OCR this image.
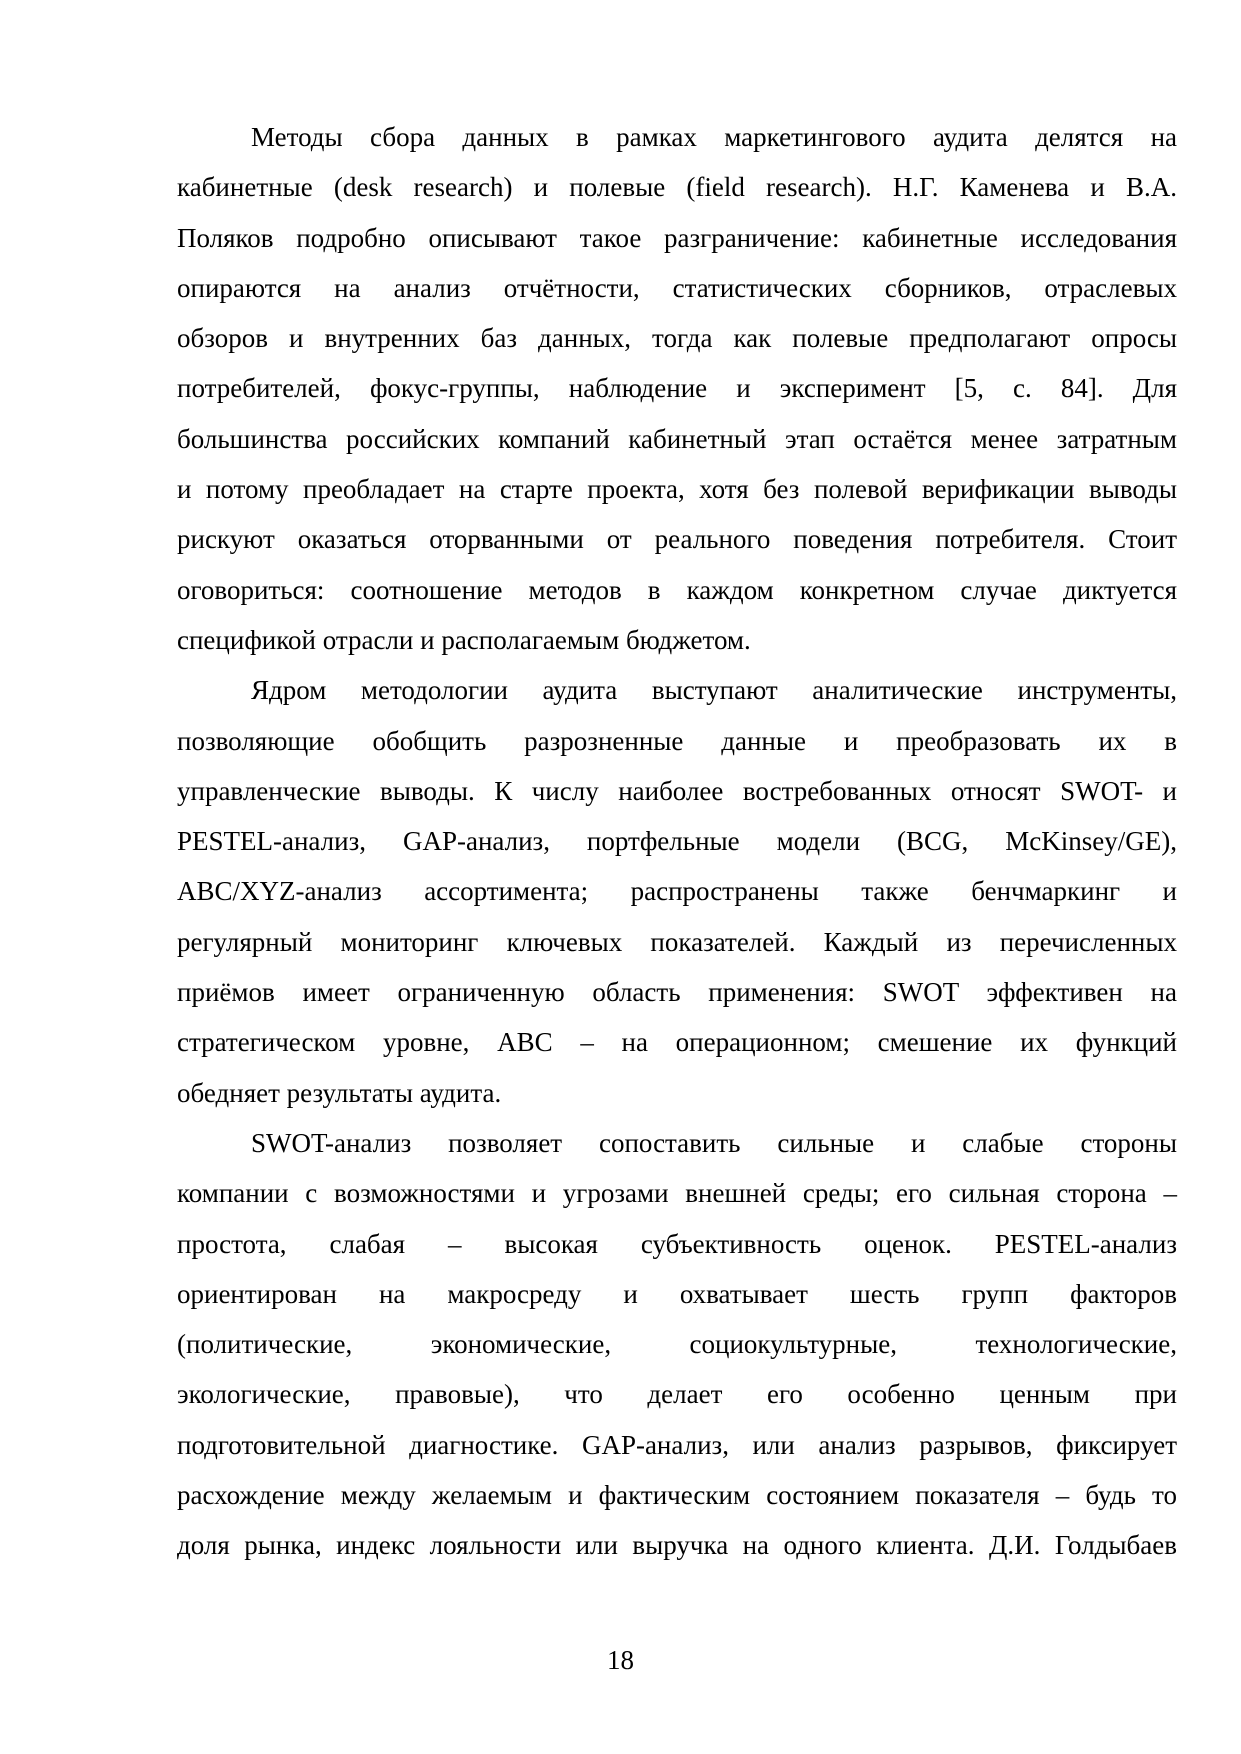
Методы сбора данных в рамках маркетингового аудита делятся на
кабинетные (desk research) и полевые (field research). Н.Г. Каменева и В.А.
Поляков подробно описывают такое разграничение: кабинетные исследования
опираются на анализ отчётности, статистических сборников, отраслевых
обзоров и внутренних баз данных, тогда как полевые предполагают опросы
потребителей, фокус-группы, наблюдение и эксперимент [5, с. 84]. Для
большинства российских компаний кабинетный этап остаётся менее затратным
и потому преобладает на старте проекта, хотя без полевой верификации выводы
рискуют оказаться оторванными от реального поведения потребителя. Стоит
оговориться: соотношение методов в каждом конкретном случае диктуется
спецификой отрасли и располагаемым бюджетом.
Ядром методологии аудита выступают аналитические инструменты,
позволяющие обобщить разрозненные данные и преобразовать их в
управленческие выводы. К числу наиболее востребованных относят SWOT- и
PESTEL-анализ, GAP-анализ, портфельные модели (BCG, McKinsey/GE),
ABC/XYZ-анализ ассортимента; распространены также бенчмаркинг и
регулярный мониторинг ключевых показателей. Каждый из перечисленных
приёмов имеет ограниченную область применения: SWOT эффективен на
стратегическом уровне, ABC – на операционном; смешение их функций
обедняет результаты аудита.
SWOT-анализ позволяет сопоставить сильные и слабые стороны
компании с возможностями и угрозами внешней среды; его сильная сторона –
простота, слабая – высокая субъективность оценок. PESTEL-анализ
ориентирован на макросреду и охватывает шесть групп факторов
(политические, экономические, социокультурные, технологические,
экологические, правовые), что делает его особенно ценным при
подготовительной диагностике. GAP-анализ, или анализ разрывов, фиксирует
расхождение между желаемым и фактическим состоянием показателя – будь то
доля рынка, индекс лояльности или выручка на одного клиента. Д.И. Голдыбаев
18
